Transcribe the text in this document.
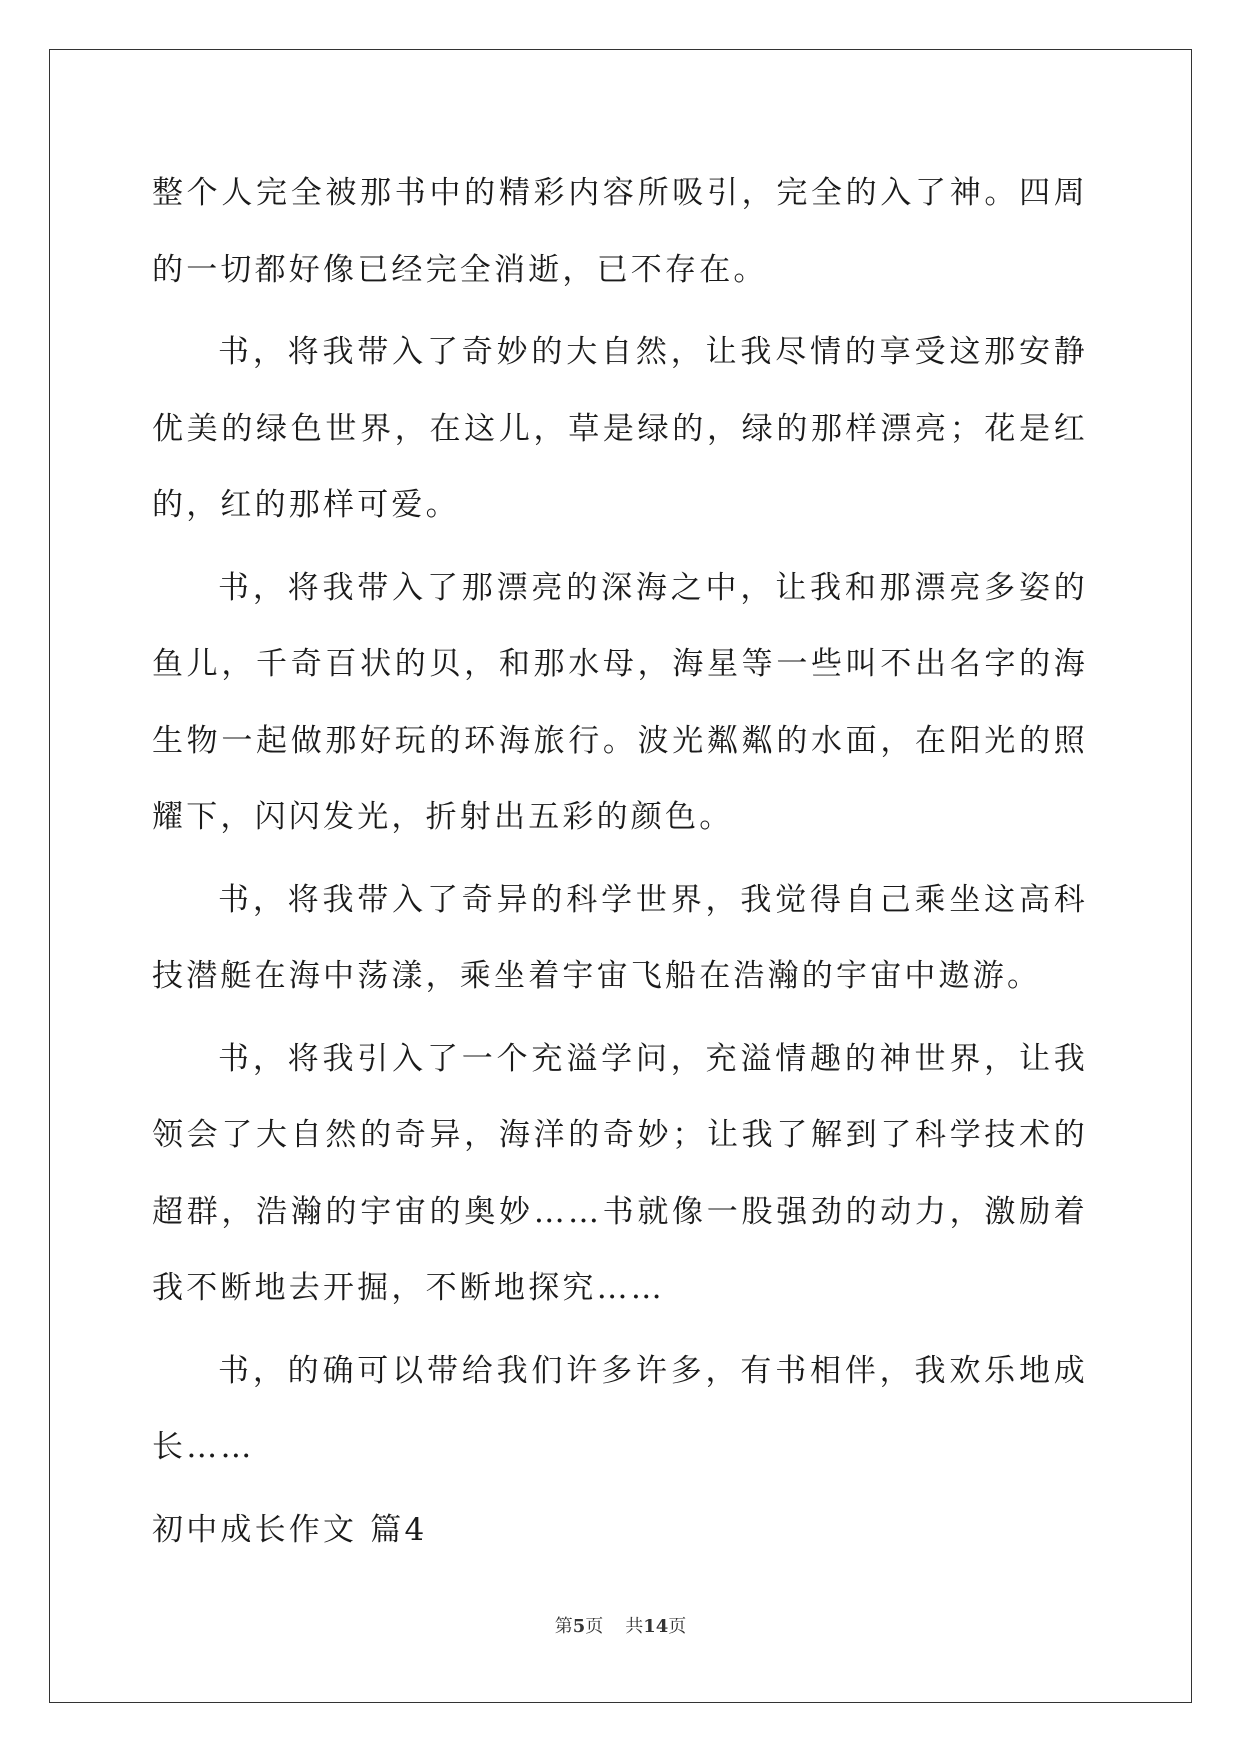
整个人完全被那书中的精彩内容所吸引，完全的入了神。四周的一切都好像已经完全消逝，已不存在。

书，将我带入了奇妙的大自然，让我尽情的享受这那安静优美的绿色世界，在这儿，草是绿的，绿的那样漂亮；花是红的，红的那样可爱。

书，将我带入了那漂亮的深海之中，让我和那漂亮多姿的鱼儿，千奇百状的贝，和那水母，海星等一些叫不出名字的海生物一起做那好玩的环海旅行。波光粼粼的水面，在阳光的照耀下，闪闪发光，折射出五彩的颜色。

书，将我带入了奇异的科学世界，我觉得自己乘坐这高科技潜艇在海中荡漾，乘坐着宇宙飞船在浩瀚的宇宙中遨游。

书，将我引入了一个充溢学问，充溢情趣的神世界，让我领会了大自然的奇异，海洋的奇妙；让我了解到了科学技术的超群，浩瀚的宇宙的奥妙……书就像一股强劲的动力，激励着我不断地去开掘，不断地探究……

书，的确可以带给我们许多许多，有书相伴，我欢乐地成长……

初中成长作文 篇4

第5页 共14页
